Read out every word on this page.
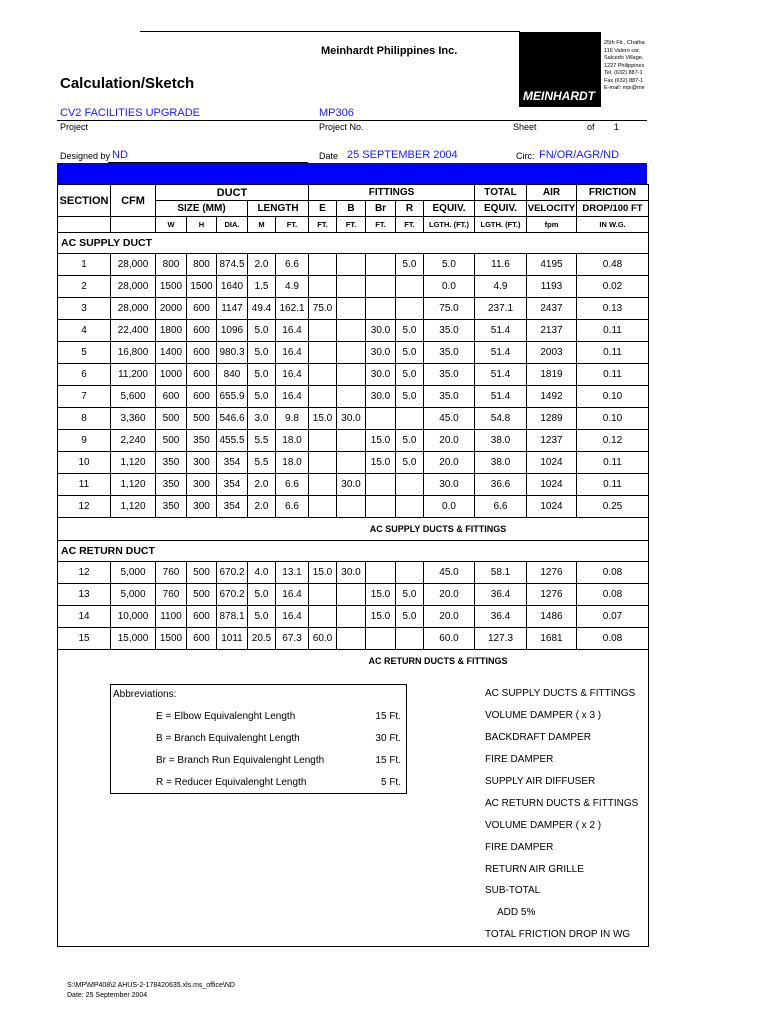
Meinhardt Philippines Inc.
Calculation/Sketch
MEINHARDT
25th Flr., Chatha
116 Valero cor.
Salcedo Village,
1227 Philippines
Tel. (632) 887-1
Fax (632) 887-1
E-mail: mpi@me
CV2 FACILITIES UPGRADE	MP306
Project	Project No.	Sheet	of 1
Designed by ND	Date 25 SEPTEMBER 2004	Circ: FN/OR/AGR/ND
SECTION	CFM	DUCT					FITTINGS					TOTAL	AIR	FRICTION
		SIZE (MM)			LENGTH		E	B	Br	R	EQUIV.	EQUIV.	VELOCITY	DROP/100 FT
		W	H	DIA.	M	FT.	FT.	FT.	FT.	FT.	LGTH. (FT.)	LGTH. (FT.)	fpm	IN W.G.
AC SUPPLY DUCT														
1	28,000	800	800	874.5	2.0	6.6				5.0	5.0	11.6	4195	0.48
2	28,000	1500	1500	1640	1.5	4.9					0.0	4.9	1193	0.02
3	28,000	2000	600	1147	49.4	162.1	75.0				75.0	237.1	2437	0.13
4	22,400	1800	600	1096	5.0	16.4			30.0	5.0	35.0	51.4	2137	0.11
5	16,800	1400	600	980.3	5.0	16.4			30.0	5.0	35.0	51.4	2003	0.11
6	11,200	1000	600	840	5.0	16.4			30.0	5.0	35.0	51.4	1819	0.11
7	5,600	600	600	655.9	5.0	16.4			30.0	5.0	35.0	51.4	1492	0.10
8	3,360	500	500	546.6	3.0	9.8	15.0	30.0			45.0	54.8	1289	0.10
9	2,240	500	350	455.5	5.5	18.0			15.0	5.0	20.0	38.0	1237	0.12
10	1,120	350	300	354	5.5	18.0			15.0	5.0	20.0	38.0	1024	0.11
11	1,120	350	300	354	2.0	6.6		30.0			30.0	36.6	1024	0.11
12	1,120	350	300	354	2.0	6.6					0.0	6.6	1024	0.25
AC SUPPLY DUCTS & FITTINGS														
AC RETURN DUCT														
12	5,000	760	500	670.2	4.0	13.1	15.0	30.0			45.0	58.1	1276	0.08
13	5,000	760	500	670.2	5.0	16.4			15.0	5.0	20.0	36.4	1276	0.08
14	10,000	1100	600	878.1	5.0	16.4			15.0	5.0	20.0	36.4	1486	0.07
15	15,000	1500	600	1011	20.5	67.3	60.0				60.0	127.3	1681	0.08
AC RETURN DUCTS & FITTINGS														
Abbreviations:
E = Elbow Equivalenght Length	15 Ft.
B = Branch Equivalenght Length	30 Ft.
Br = Branch Run Equivalenght Length	15 Ft.
R = Reducer Equivalenght Length	5 Ft.
AC SUPPLY DUCTS & FITTINGS
VOLUME DAMPER ( x 3 )
BACKDRAFT DAMPER
FIRE DAMPER
SUPPLY AIR DIFFUSER
AC RETURN DUCTS & FITTINGS
VOLUME DAMPER ( x 2 )
FIRE DAMPER
RETURN AIR GRILLE
SUB-TOTAL
ADD 5%
TOTAL FRICTION DROP IN WG
S:\MP\MP408\2 AHUS-2-178420635.xls.ms_office\ND
Date: 25 September 2004
